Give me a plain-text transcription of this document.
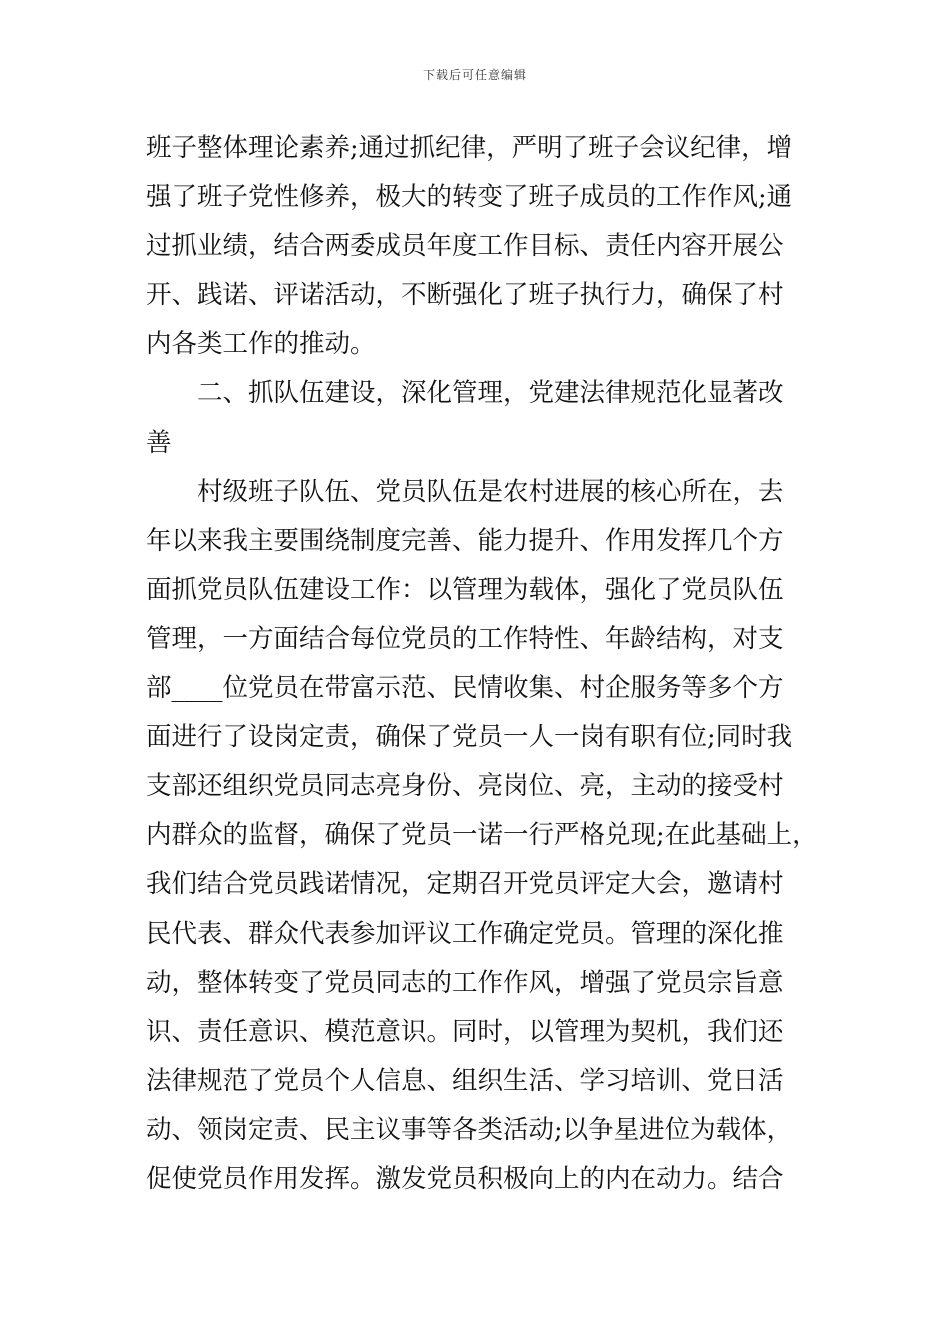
下载后可任意编辑
班子整体理论素养;通过抓纪律，严明了班子会议纪律，增
强了班子党性修养，极大的转变了班子成员的工作作风;通
过抓业绩，结合两委成员年度工作目标、责任内容开展公
开、践诺、评诺活动，不断强化了班子执行力，确保了村
内各类工作的推动。
　　二、抓队伍建设，深化管理，党建法律规范化显著改
善
　　村级班子队伍、党员队伍是农村进展的核心所在，去
年以来我主要围绕制度完善、能力提升、作用发挥几个方
面抓党员队伍建设工作：以管理为载体，强化了党员队伍
管理，一方面结合每位党员的工作特性、年龄结构，对支
部____位党员在带富示范、民情收集、村企服务等多个方
面进行了设岗定责，确保了党员一人一岗有职有位;同时我
支部还组织党员同志亮身份、亮岗位、亮，主动的接受村
内群众的监督，确保了党员一诺一行严格兑现;在此基础上，
我们结合党员践诺情况，定期召开党员评定大会，邀请村
民代表、群众代表参加评议工作确定党员。管理的深化推
动，整体转变了党员同志的工作作风，增强了党员宗旨意
识、责任意识、模范意识。同时，以管理为契机，我们还
法律规范了党员个人信息、组织生活、学习培训、党日活
动、领岗定责、民主议事等各类活动;以争星进位为载体，
促使党员作用发挥。激发党员积极向上的内在动力。结合
